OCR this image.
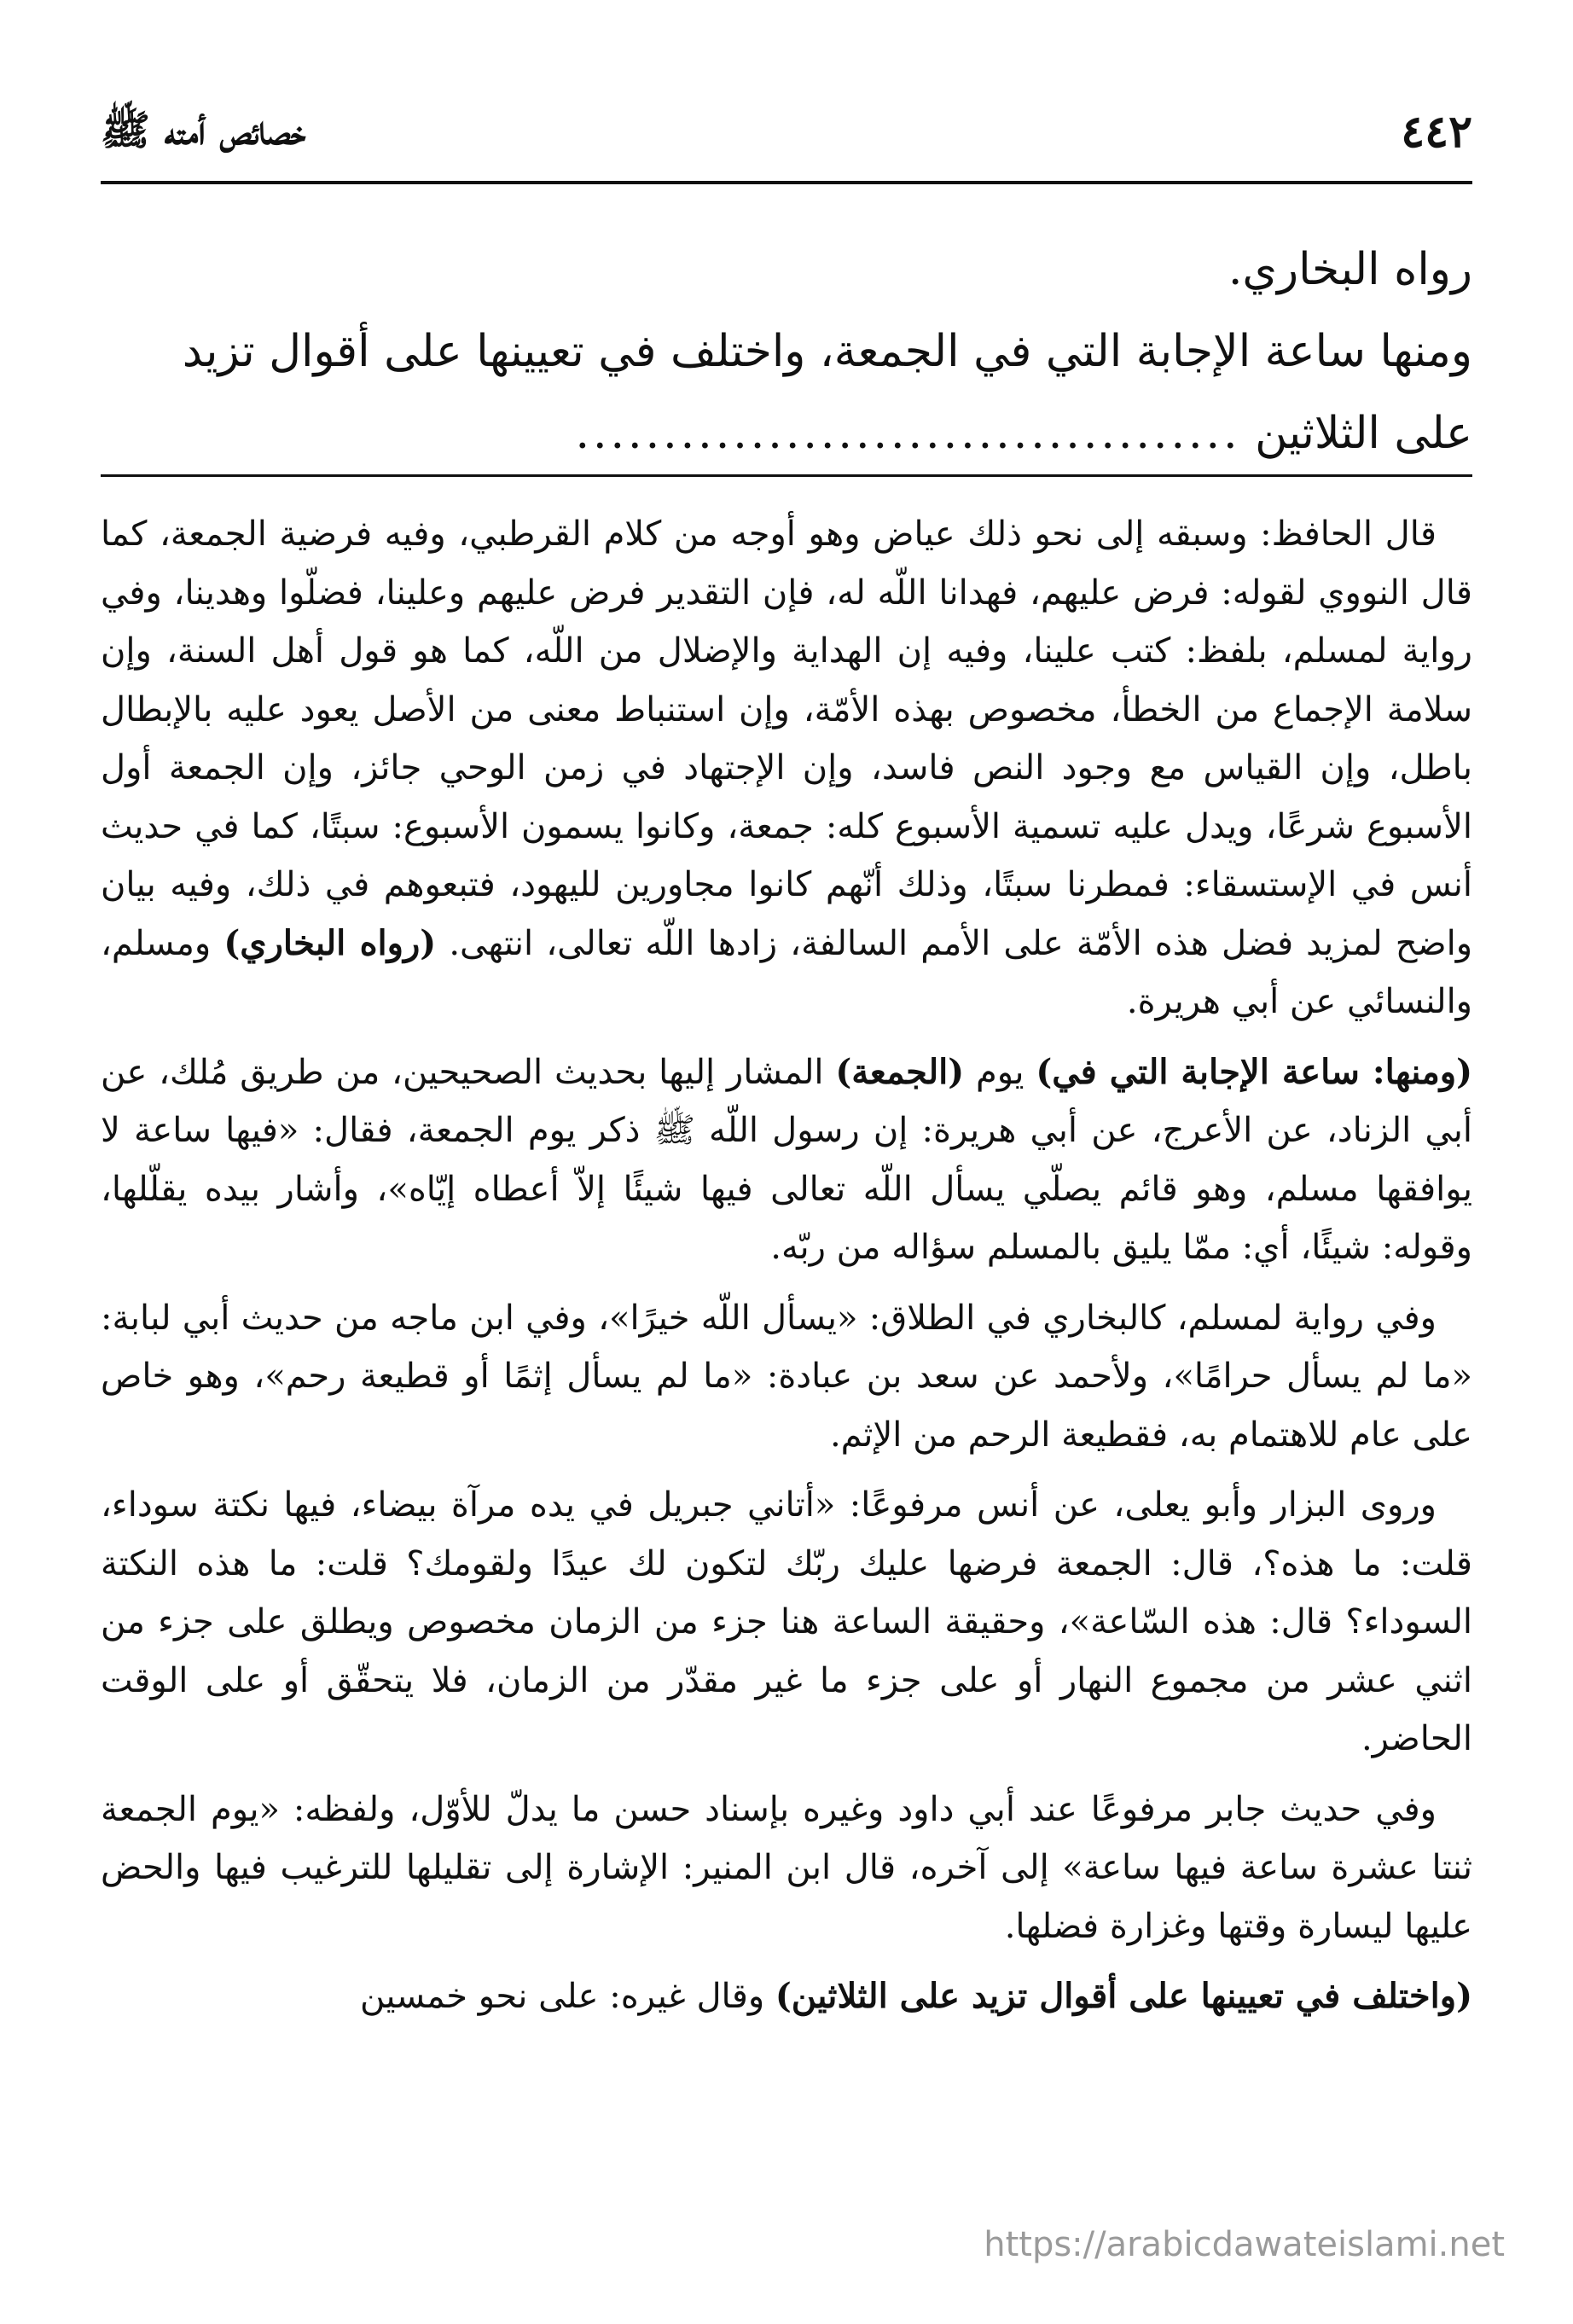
٤٤٢
خصائص أمته ﷺ

رواه البخاري.

ومنها ساعة الإجابة التي في الجمعة، واختلف في تعيينها على أقوال تزيد

على الثلاثين ......................................

قال الحافظ: وسبقه إلى نحو ذلك عياض وهو أوجه من كلام القرطبي، وفيه فرضية الجمعة، كما قال النووي لقوله: فرض عليهم، فهدانا اللّه له، فإن التقدير فرض عليهم وعلينا، فضلّوا وهدينا، وفي رواية لمسلم، بلفظ: كتب علينا، وفيه إن الهداية والإضلال من اللّه، كما هو قول أهل السنة، وإن سلامة الإجماع من الخطأ، مخصوص بهذه الأمّة، وإن استنباط معنى من الأصل يعود عليه بالإبطال باطل، وإن القياس مع وجود النص فاسد، وإن الإجتهاد في زمن الوحي جائز، وإن الجمعة أول الأسبوع شرعًا، ويدل عليه تسمية الأسبوع كله: جمعة، وكانوا يسمون الأسبوع: سبتًا، كما في حديث أنس في الإستسقاء: فمطرنا سبتًا، وذلك أنّهم كانوا مجاورين لليهود، فتبعوهم في ذلك، وفيه بيان واضح لمزيد فضل هذه الأمّة على الأمم السالفة، زادها اللّه تعالى، انتهى. (رواه البخاري) ومسلم، والنسائي عن أبي هريرة.

(ومنها: ساعة الإجابة التي في) يوم (الجمعة) المشار إليها بحديث الصحيحين، من طريق مُلك، عن أبي الزناد، عن الأعرج، عن أبي هريرة: إن رسول اللّه ﷺ ذكر يوم الجمعة، فقال: «فيها ساعة لا يوافقها مسلم، وهو قائم يصلّي يسأل اللّه تعالى فيها شيئًا إلاّ أعطاه إيّاه»، وأشار بيده يقلّلها، وقوله: شيئًا، أي: ممّا يليق بالمسلم سؤاله من ربّه.

وفي رواية لمسلم، كالبخاري في الطلاق: «يسأل اللّه خيرًا»، وفي ابن ماجه من حديث أبي لبابة: «ما لم يسأل حرامًا»، ولأحمد عن سعد بن عبادة: «ما لم يسأل إثمًا أو قطيعة رحم»، وهو خاص على عام للاهتمام به، فقطيعة الرحم من الإثم.

وروى البزار وأبو يعلى، عن أنس مرفوعًا: «أتاني جبريل في يده مرآة بيضاء، فيها نكتة سوداء، قلت: ما هذه؟، قال: الجمعة فرضها عليك ربّك لتكون لك عيدًا ولقومك؟ قلت: ما هذه النكتة السوداء؟ قال: هذه السّاعة»، وحقيقة الساعة هنا جزء من الزمان مخصوص ويطلق على جزء من اثني عشر من مجموع النهار أو على جزء ما غير مقدّر من الزمان، فلا يتحقّق أو على الوقت الحاضر.

وفي حديث جابر مرفوعًا عند أبي داود وغيره بإسناد حسن ما يدلّ للأوّل، ولفظه: «يوم الجمعة ثنتا عشرة ساعة فيها ساعة» إلى آخره، قال ابن المنير: الإشارة إلى تقليلها للترغيب فيها والحض عليها ليسارة وقتها وغزارة فضلها.

(واختلف في تعيينها على أقوال تزيد على الثلاثين) وقال غيره: على نحو خمسين

https://arabicdawateislami.net
